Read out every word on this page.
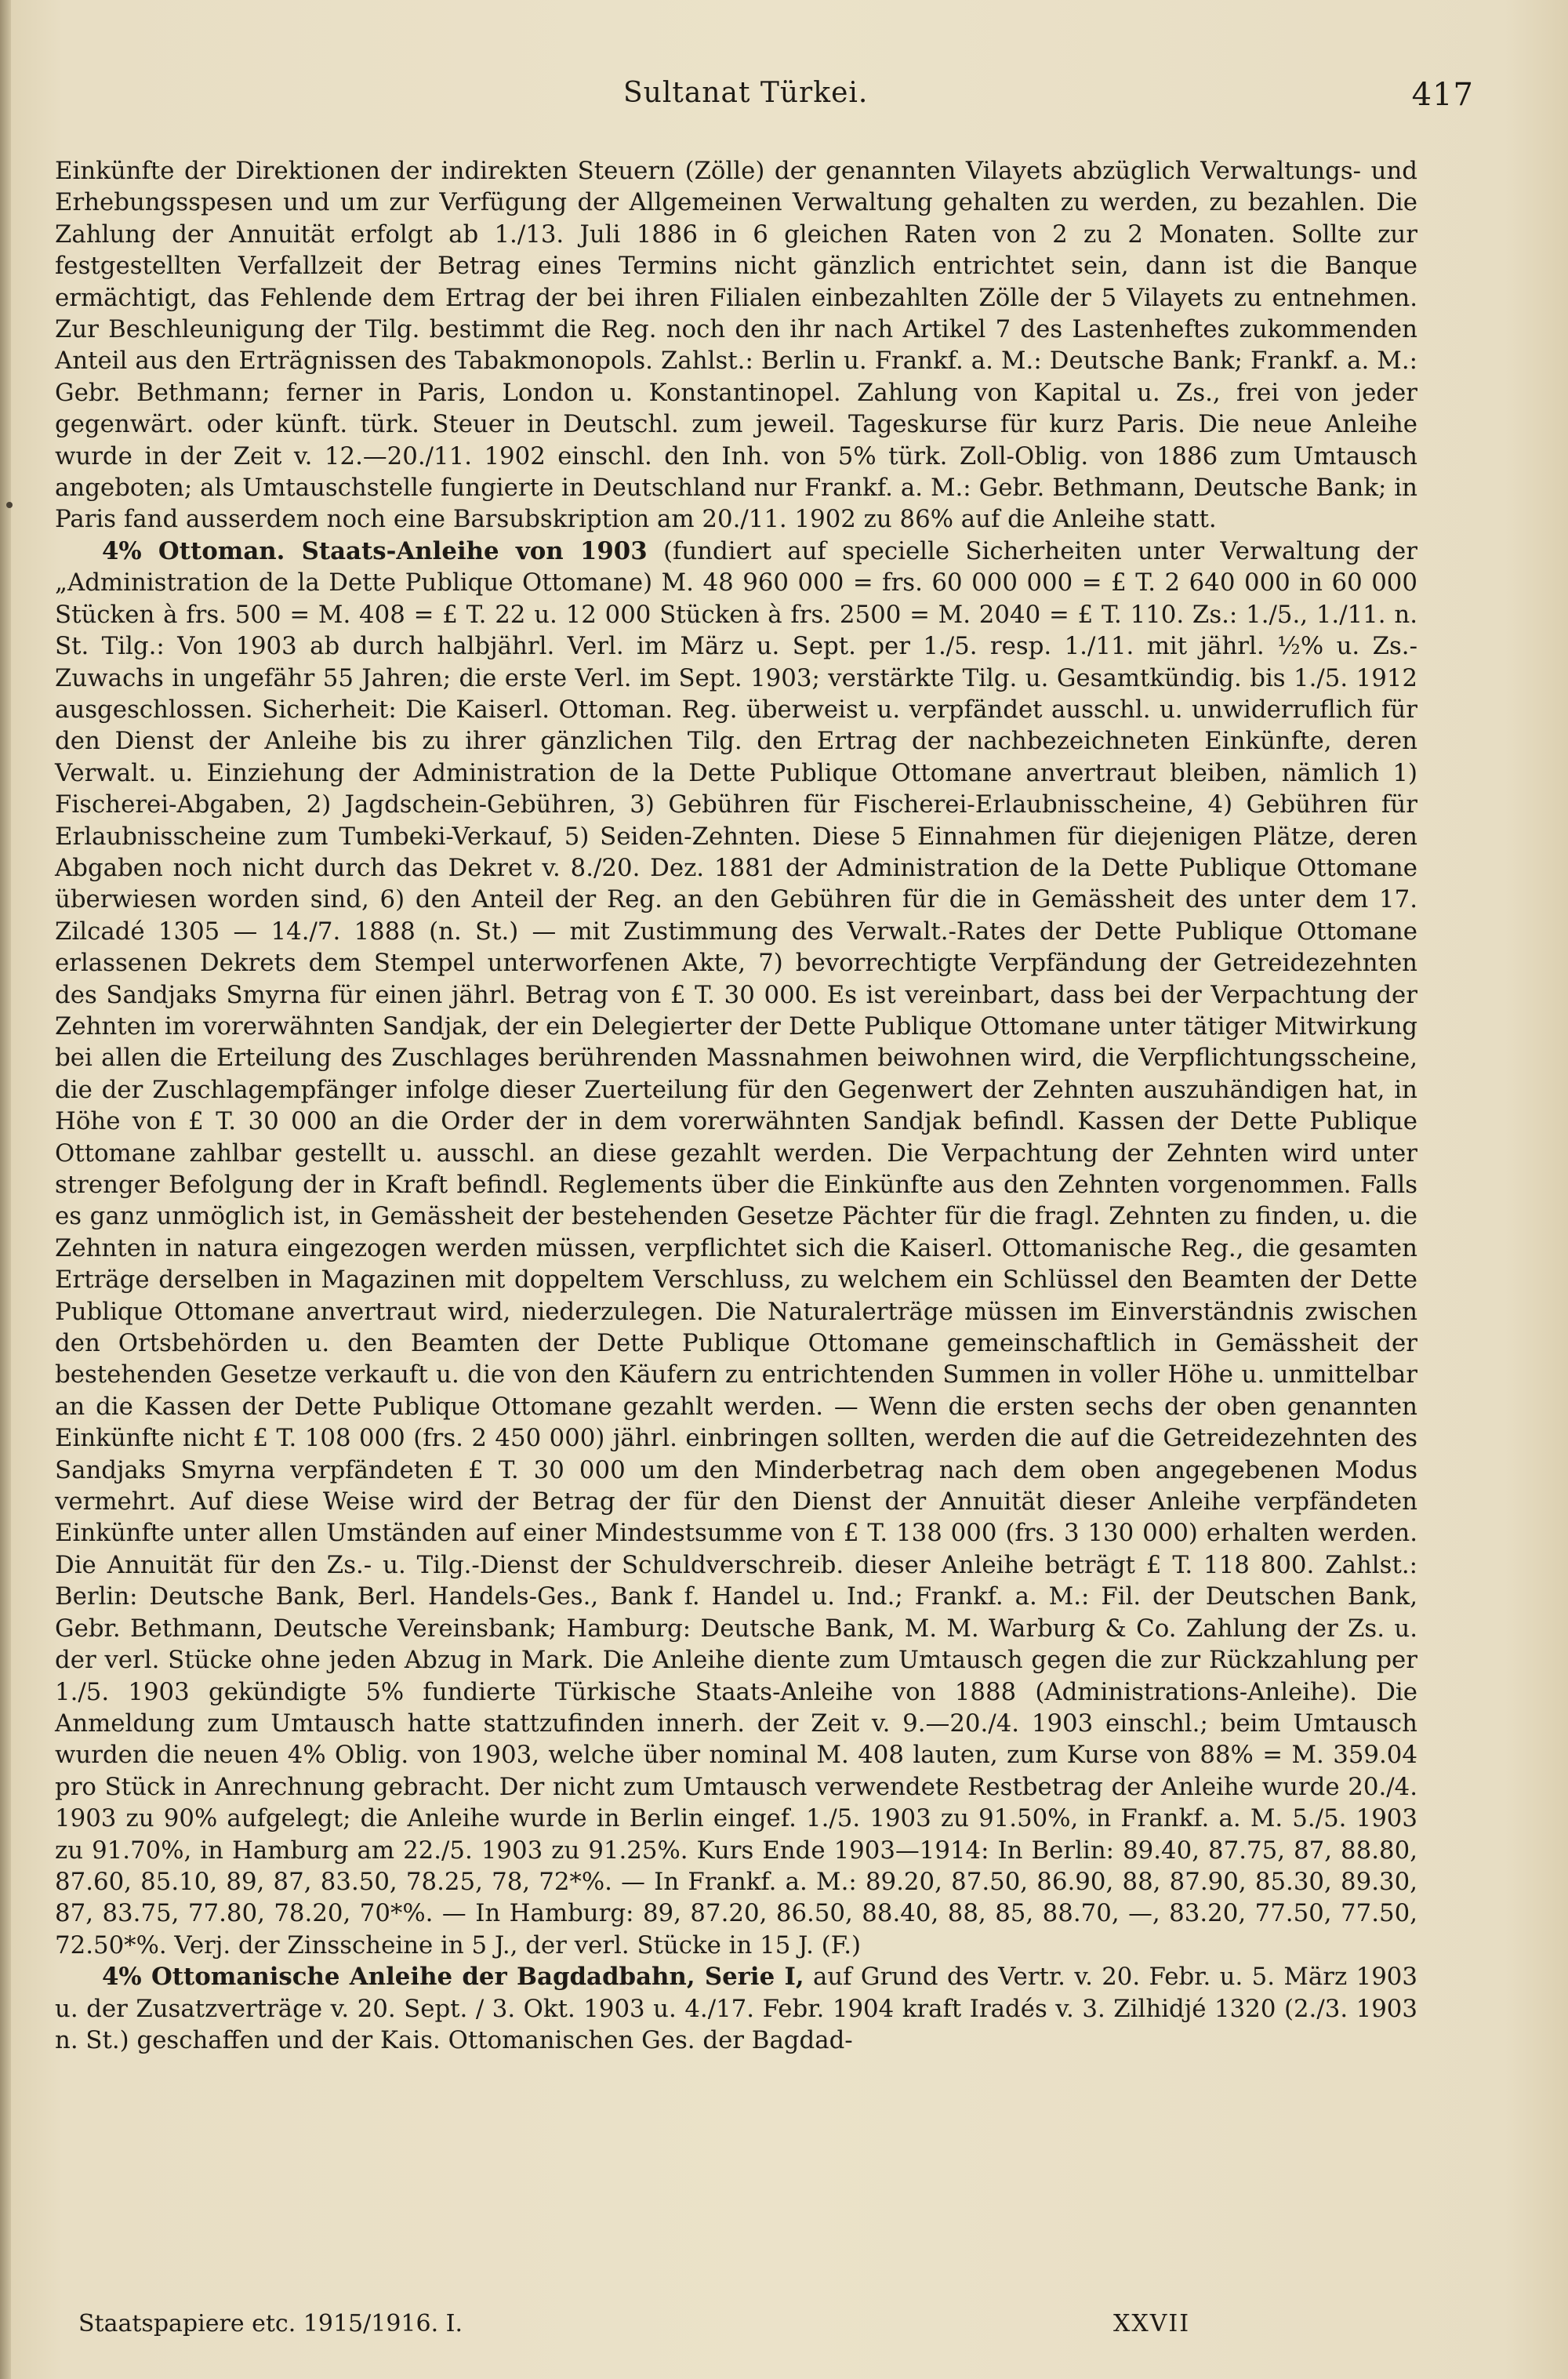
Sultanat Türkei.	417

Einkünfte der Direktionen der indirekten Steuern (Zölle) der genannten Vilayets abzüglich Verwaltungs- und Erhebungsspesen und um zur Verfügung der Allgemeinen Verwaltung gehalten zu werden, zu bezahlen. Die Zahlung der Annuität erfolgt ab 1./13. Juli 1886 in 6 gleichen Raten von 2 zu 2 Monaten. Sollte zur festgestellten Verfallzeit der Betrag eines Termins nicht gänzlich entrichtet sein, dann ist die Banque ermächtigt, das Fehlende dem Ertrag der bei ihren Filialen einbezahlten Zölle der 5 Vilayets zu entnehmen. Zur Beschleunigung der Tilg. bestimmt die Reg. noch den ihr nach Artikel 7 des Lastenheftes zukommenden Anteil aus den Erträgnissen des Tabakmonopols. Zahlst.: Berlin u. Frankf. a. M.: Deutsche Bank; Frankf. a. M.: Gebr. Bethmann; ferner in Paris, London u. Konstantinopel. Zahlung von Kapital u. Zs., frei von jeder gegenwärt. oder künft. türk. Steuer in Deutschl. zum jeweil. Tageskurse für kurz Paris. Die neue Anleihe wurde in der Zeit v. 12.—20./11. 1902 einschl. den Inh. von 5% türk. Zoll-Oblig. von 1886 zum Umtausch angeboten; als Umtauschstelle fungierte in Deutschland nur Frankf. a. M.: Gebr. Bethmann, Deutsche Bank; in Paris fand ausserdem noch eine Barsubskription am 20./11. 1902 zu 86% auf die Anleihe statt.

4% Ottoman. Staats-Anleihe von 1903 (fundiert auf specielle Sicherheiten unter Verwaltung der „Administration de la Dette Publique Ottomane) M. 48 960 000 = frs. 60 000 000 = £ T. 2 640 000 in 60 000 Stücken à frs. 500 = M. 408 = £ T. 22 u. 12 000 Stücken à frs. 2500 = M. 2040 = £ T. 110. Zs.: 1./5., 1./11. n. St. Tilg.: Von 1903 ab durch halbjährl. Verl. im März u. Sept. per 1./5. resp. 1./11. mit jährl. ½% u. Zs.-Zuwachs in ungefähr 55 Jahren; die erste Verl. im Sept. 1903; verstärkte Tilg. u. Gesamtkündig. bis 1./5. 1912 ausgeschlossen. Sicherheit: Die Kaiserl. Ottoman. Reg. überweist u. verpfändet ausschl. u. unwiderruflich für den Dienst der Anleihe bis zu ihrer gänzlichen Tilg. den Ertrag der nachbezeichneten Einkünfte, deren Verwalt. u. Einziehung der Administration de la Dette Publique Ottomane anvertraut bleiben, nämlich 1) Fischerei-Abgaben, 2) Jagdschein-Gebühren, 3) Gebühren für Fischerei-Erlaubnisscheine, 4) Gebühren für Erlaubnisscheine zum Tumbeki-Verkauf, 5) Seiden-Zehnten. Diese 5 Einnahmen für diejenigen Plätze, deren Abgaben noch nicht durch das Dekret v. 8./20. Dez. 1881 der Administration de la Dette Publique Ottomane überwiesen worden sind, 6) den Anteil der Reg. an den Gebühren für die in Gemässheit des unter dem 17. Zilcadé 1305 — 14./7. 1888 (n. St.) — mit Zustimmung des Verwalt.-Rates der Dette Publique Ottomane erlassenen Dekrets dem Stempel unterworfenen Akte, 7) bevorrechtigte Verpfändung der Getreidezehnten des Sandjaks Smyrna für einen jährl. Betrag von £ T. 30 000. Es ist vereinbart, dass bei der Verpachtung der Zehnten im vorerwähnten Sandjak, der ein Delegierter der Dette Publique Ottomane unter tätiger Mitwirkung bei allen die Erteilung des Zuschlages berührenden Massnahmen beiwohnen wird, die Verpflichtungsscheine, die der Zuschlagempfänger infolge dieser Zuerteilung für den Gegenwert der Zehnten auszuhändigen hat, in Höhe von £ T. 30 000 an die Order der in dem vorerwähnten Sandjak befindl. Kassen der Dette Publique Ottomane zahlbar gestellt u. ausschl. an diese gezahlt werden. Die Verpachtung der Zehnten wird unter strenger Befolgung der in Kraft befindl. Reglements über die Einkünfte aus den Zehnten vorgenommen. Falls es ganz unmöglich ist, in Gemässheit der bestehenden Gesetze Pächter für die fragl. Zehnten zu finden, u. die Zehnten in natura eingezogen werden müssen, verpflichtet sich die Kaiserl. Ottomanische Reg., die gesamten Erträge derselben in Magazinen mit doppeltem Verschluss, zu welchem ein Schlüssel den Beamten der Dette Publique Ottomane anvertraut wird, niederzulegen. Die Naturalerträge müssen im Einverständnis zwischen den Ortsbehörden u. den Beamten der Dette Publique Ottomane gemeinschaftlich in Gemässheit der bestehenden Gesetze verkauft u. die von den Käufern zu entrichtenden Summen in voller Höhe u. unmittelbar an die Kassen der Dette Publique Ottomane gezahlt werden. — Wenn die ersten sechs der oben genannten Einkünfte nicht £ T. 108 000 (frs. 2 450 000) jährl. einbringen sollten, werden die auf die Getreidezehnten des Sandjaks Smyrna verpfändeten £ T. 30 000 um den Minderbetrag nach dem oben angegebenen Modus vermehrt. Auf diese Weise wird der Betrag der für den Dienst der Annuität dieser Anleihe verpfändeten Einkünfte unter allen Umständen auf einer Mindestsumme von £ T. 138 000 (frs. 3 130 000) erhalten werden. Die Annuität für den Zs.- u. Tilg.-Dienst der Schuldverschreib. dieser Anleihe beträgt £ T. 118 800. Zahlst.: Berlin: Deutsche Bank, Berl. Handels-Ges., Bank f. Handel u. Ind.; Frankf. a. M.: Fil. der Deutschen Bank, Gebr. Bethmann, Deutsche Vereinsbank; Hamburg: Deutsche Bank, M. M. Warburg & Co. Zahlung der Zs. u. der verl. Stücke ohne jeden Abzug in Mark. Die Anleihe diente zum Umtausch gegen die zur Rückzahlung per 1./5. 1903 gekündigte 5% fundierte Türkische Staats-Anleihe von 1888 (Administrations-Anleihe). Die Anmeldung zum Umtausch hatte stattzufinden innerh. der Zeit v. 9.—20./4. 1903 einschl.; beim Umtausch wurden die neuen 4% Oblig. von 1903, welche über nominal M. 408 lauten, zum Kurse von 88% = M. 359.04 pro Stück in Anrechnung gebracht. Der nicht zum Umtausch verwendete Restbetrag der Anleihe wurde 20./4. 1903 zu 90% aufgelegt; die Anleihe wurde in Berlin eingef. 1./5. 1903 zu 91.50%, in Frankf. a. M. 5./5. 1903 zu 91.70%, in Hamburg am 22./5. 1903 zu 91.25%. Kurs Ende 1903—1914: In Berlin: 89.40, 87.75, 87, 88.80, 87.60, 85.10, 89, 87, 83.50, 78.25, 78, 72*%. — In Frankf. a. M.: 89.20, 87.50, 86.90, 88, 87.90, 85.30, 89.30, 87, 83.75, 77.80, 78.20, 70*%. — In Hamburg: 89, 87.20, 86.50, 88.40, 88, 85, 88.70, —, 83.20, 77.50, 77.50, 72.50*%. Verj. der Zinsscheine in 5 J., der verl. Stücke in 15 J. (F.)

4% Ottomanische Anleihe der Bagdadbahn, Serie I, auf Grund des Vertr. v. 20. Febr. u. 5. März 1903 u. der Zusatzverträge v. 20. Sept. / 3. Okt. 1903 u. 4./17. Febr. 1904 kraft Iradés v. 3. Zilhidjé 1320 (2./3. 1903 n. St.) geschaffen und der Kais. Ottomanischen Ges. der Bagdad-

Staatspapiere etc. 1915/1916. I.	XXVII
